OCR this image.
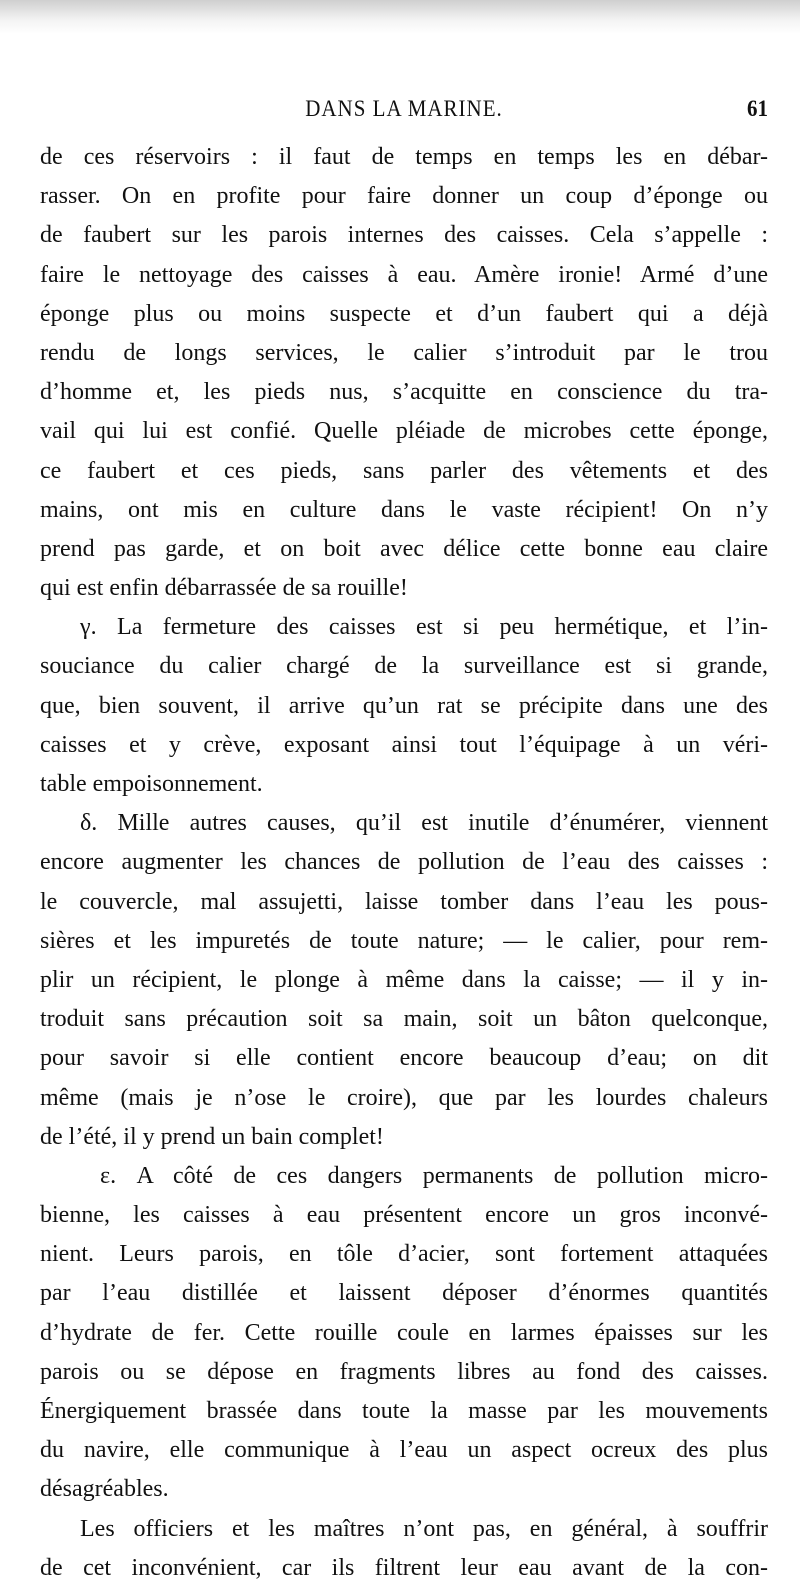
DANS LA MARINE.	61
de ces réservoirs : il faut de temps en temps les en débar-
rasser. On en profite pour faire donner un coup d’éponge ou
de faubert sur les parois internes des caisses. Cela s’appelle :
faire le nettoyage des caisses à eau. Amère ironie! Armé d’une
éponge plus ou moins suspecte et d’un faubert qui a déjà
rendu de longs services, le calier s’introduit par le trou
d’homme et, les pieds nus, s’acquitte en conscience du tra-
vail qui lui est confié. Quelle pléiade de microbes cette éponge,
ce faubert et ces pieds, sans parler des vêtements et des
mains, ont mis en culture dans le vaste récipient! On n’y
prend pas garde, et on boit avec délice cette bonne eau claire
qui est enfin débarrassée de sa rouille!
γ. La fermeture des caisses est si peu hermétique, et l’in-
souciance du calier chargé de la surveillance est si grande,
que, bien souvent, il arrive qu’un rat se précipite dans une des
caisses et y crève, exposant ainsi tout l’équipage à un véri-
table empoisonnement.
δ. Mille autres causes, qu’il est inutile d’énumérer, viennent
encore augmenter les chances de pollution de l’eau des caisses :
le couvercle, mal assujetti, laisse tomber dans l’eau les pous-
sières et les impuretés de toute nature; — le calier, pour rem-
plir un récipient, le plonge à même dans la caisse; — il y in-
troduit sans précaution soit sa main, soit un bâton quelconque,
pour savoir si elle contient encore beaucoup d’eau; on dit
même (mais je n’ose le croire), que par les lourdes chaleurs
de l’été, il y prend un bain complet!
ε. A côté de ces dangers permanents de pollution micro-
bienne, les caisses à eau présentent encore un gros inconvé-
nient. Leurs parois, en tôle d’acier, sont fortement attaquées
par l’eau distillée et laissent déposer d’énormes quantités
d’hydrate de fer. Cette rouille coule en larmes épaisses sur les
parois ou se dépose en fragments libres au fond des caisses.
Énergiquement brassée dans toute la masse par les mouvements
du navire, elle communique à l’eau un aspect ocreux des plus
désagréables.
Les officiers et les maîtres n’ont pas, en général, à souffrir
de cet inconvénient, car ils filtrent leur eau avant de la con-
